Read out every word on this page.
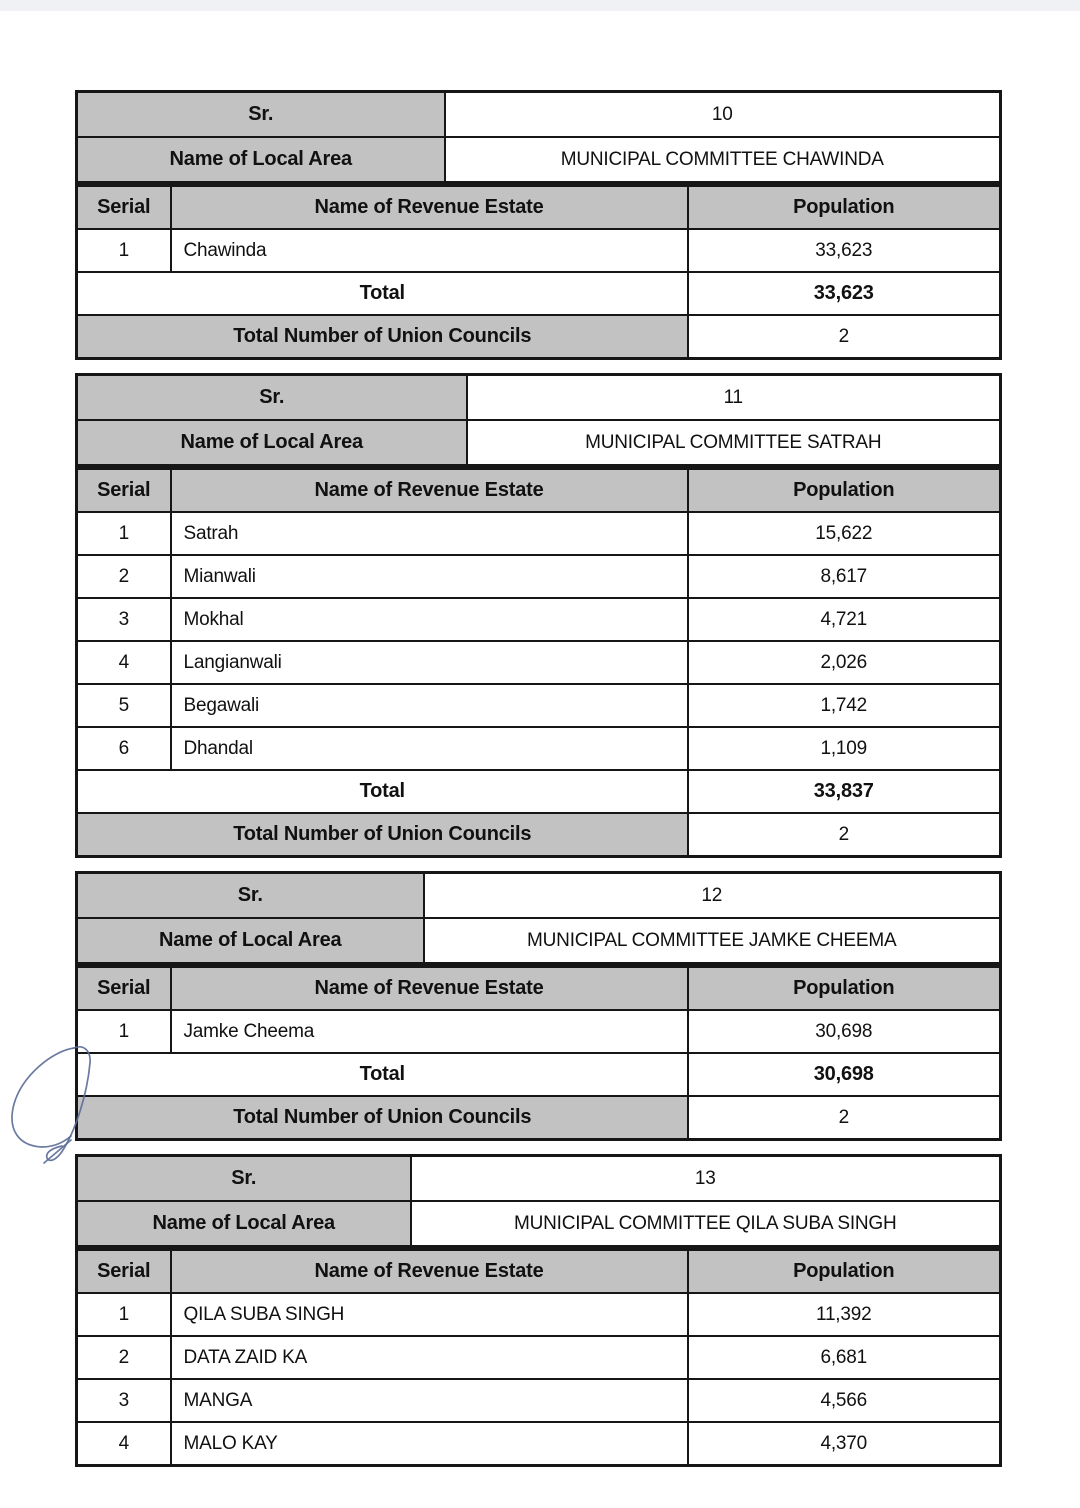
Sr.	10
Name of Local Area	MUNICIPAL COMMITTEE CHAWINDA
Serial	Name of Revenue Estate	Population
1	Chawinda	33,623
Total		33,623
Total Number of Union Councils		2
Sr.	11
Name of Local Area	MUNICIPAL COMMITTEE SATRAH
Serial	Name of Revenue Estate	Population
1	Satrah	15,622
2	Mianwali	8,617
3	Mokhal	4,721
4	Langianwali	2,026
5	Begawali	1,742
6	Dhandal	1,109
Total		33,837
Total Number of Union Councils		2
Sr.	12
Name of Local Area	MUNICIPAL COMMITTEE JAMKE CHEEMA
Serial	Name of Revenue Estate	Population
1	Jamke Cheema	30,698
Total		30,698
Total Number of Union Councils		2
Sr.	13
Name of Local Area	MUNICIPAL COMMITTEE QILA SUBA SINGH
Serial	Name of Revenue Estate	Population
1	QILA SUBA SINGH	11,392
2	DATA ZAID KA	6,681
3	MANGA	4,566
4	MALO KAY	4,370
